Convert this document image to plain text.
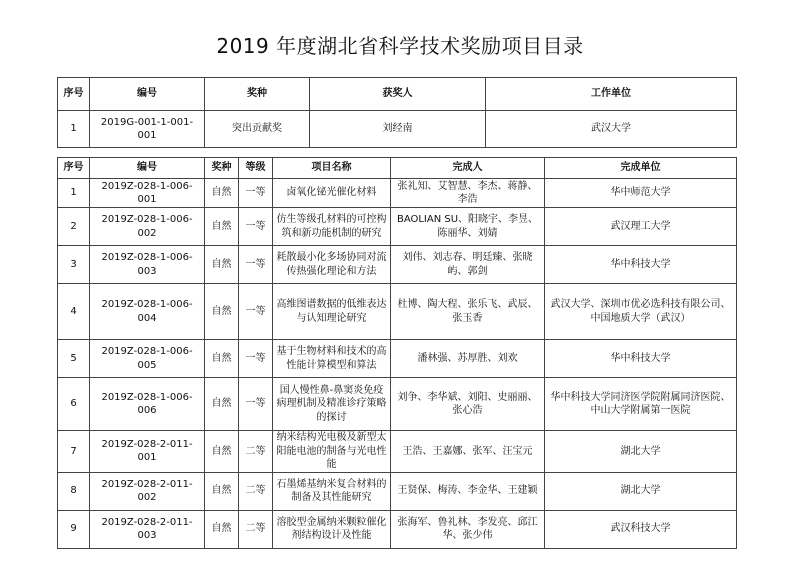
2019 年度湖北省科学技术奖励项目目录
序号	编号	奖种	获奖人	工作单位
1	2019G-001-1-001-001	突出贡献奖	刘经南	武汉大学
序号	编号	奖种	等级	项目名称	完成人	完成单位
1	2019Z-028-1-006-001	自然	一等	卤氧化铋光催化材料	张礼知、艾智慧、李杰、蒋静、李浩	华中师范大学
2	2019Z-028-1-006-002	自然	一等	仿生等级孔材料的可控构筑和新功能机制的研究	BAOLIAN SU、阳晓宇、李昱、陈丽华、刘婧	武汉理工大学
3	2019Z-028-1-006-003	自然	一等	耗散最小化多场协同对流传热强化理论和方法	刘伟、刘志春、明廷臻、张晓屿、郭剑	华中科技大学
4	2019Z-028-1-006-004	自然	一等	高维图谱数据的低维表达与认知理论研究	杜博、陶大程、张乐飞、武辰、张玉香	武汉大学、深圳市优必选科技有限公司、中国地质大学（武汉）
5	2019Z-028-1-006-005	自然	一等	基于生物材料和技术的高性能计算模型和算法	潘林强、苏厚胜、刘欢	华中科技大学
6	2019Z-028-1-006-006	自然	一等	国人慢性鼻-鼻窦炎免疫病理机制及精准诊疗策略的探讨	刘争、李华斌、刘阳、史丽丽、张心浩	华中科技大学同济医学院附属同济医院、中山大学附属第一医院
7	2019Z-028-2-011-001	自然	二等	纳米结构光电极及新型太阳能电池的制备与光电性能	王浩、王嘉娜、张军、汪宝元	湖北大学
8	2019Z-028-2-011-002	自然	二等	石墨烯基纳米复合材料的制备及其性能研究	王贤保、梅涛、李金华、王建颖	湖北大学
9	2019Z-028-2-011-003	自然	二等	溶胶型金属纳米颗粒催化剂结构设计及性能	张海军、鲁礼林、李发亮、邱江华、张少伟	武汉科技大学
